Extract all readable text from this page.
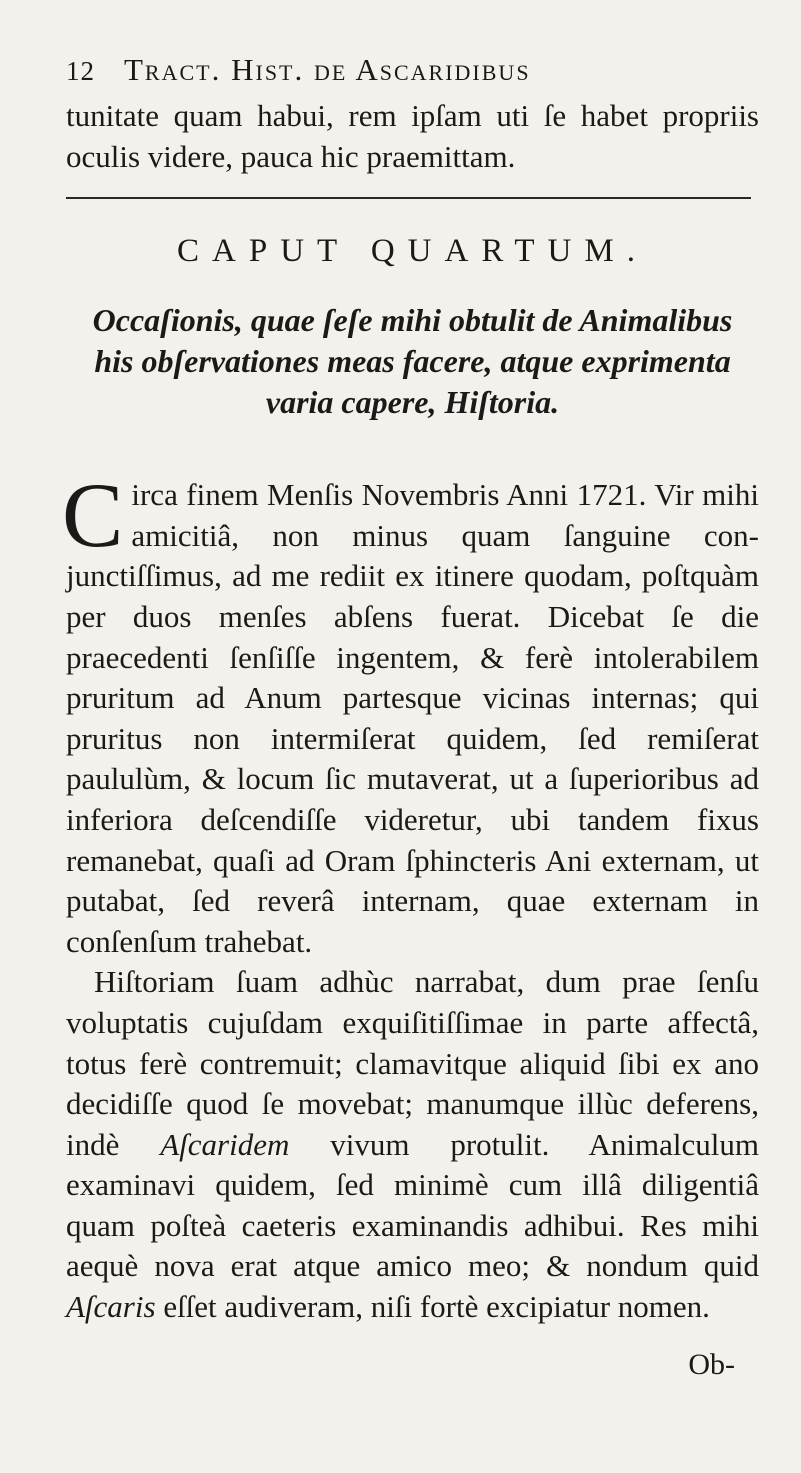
12 Tract. Hist. de Ascaridibus

tunitate quam habui, rem ipſam uti ſe habet propriis oculis videre, pauca hic praemittam.

CAPUT QUARTUM.

Occaſionis, quae ſeſe mihi obtulit de Animalibus his obſervationes meas facere, atque exprimenta varia capere, Hiſtoria.

Circa finem Menſis Novembris Anni 1721. Vir mihi amicitiâ, non minus quam ſanguine conjunctiſſimus, ad me rediit ex itinere quodam, poſtquàm per duos menſes abſens fuerat. Dicebat ſe die praecedenti ſenſiſſe ingentem, & ferè intolerabilem pruritum ad Anum partesque vicinas internas; qui pruritus non intermiſerat quidem, ſed remiſerat paululùm, & locum ſic mutaverat, ut a ſuperioribus ad inferiora deſcendiſſe videretur, ubi tandem fixus remanebat, quaſi ad Oram ſphincteris Ani externam, ut putabat, ſed reverâ internam, quae externam in conſenſum trahebat.

Hiſtoriam ſuam adhùc narrabat, dum prae ſenſu voluptatis cujuſdam exquiſitiſſimae in parte affectâ, totus ferè contremuit; clamavitque aliquid ſibi ex ano decidiſſe quod ſe movebat; manumque illùc deferens, indè Aſcaridem vivum protulit. Animalculum examinavi quidem, ſed minimè cum illâ diligentiâ quam poſteà caeteris examinandis adhibui. Res mihi aequè nova erat atque amico meo; & nondum quid Aſcaris eſſet audiveram, niſi fortè excipiatur nomen.

Ob-
